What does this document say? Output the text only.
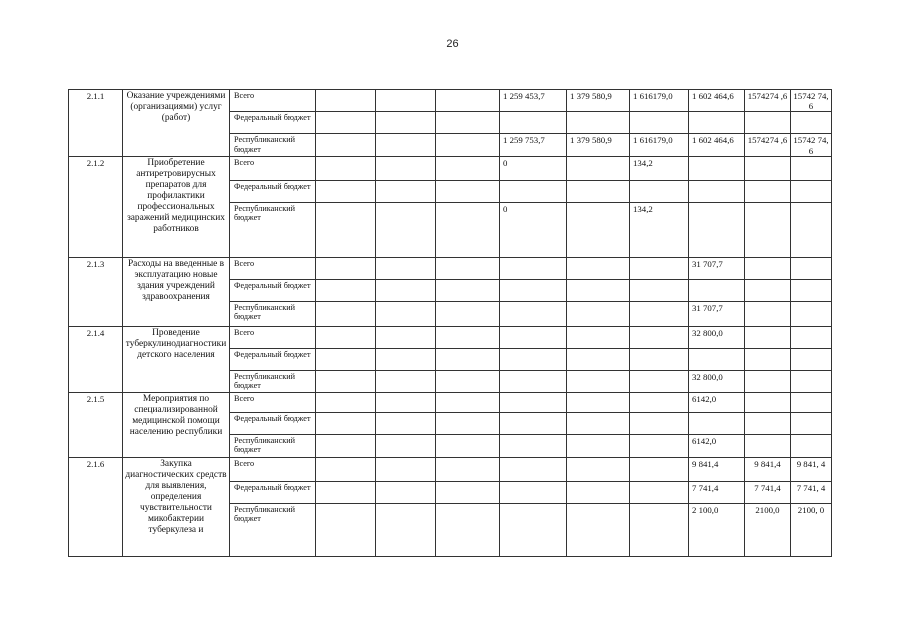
26
2.1.1	Оказание учреждениями (организациями) услуг (работ)	Всего				1 259 453,7	1 379 580,9	1 616179,0	1 602 464,6	1574274 ,6	15742 74,6
		Федеральный бюджет									
		Республиканский бюджет				1 259 753,7	1 379 580,9	1 616179,0	1 602 464,6	1574274 ,6	15742 74,6
2.1.2	Приобретение антиретровирусных препаратов для профилактики профессиональных заражений медицинских работников	Всего				0		134,2			
		Федеральный бюджет									
		Республиканский бюджет				0		134,2			
2.1.3	Расходы на введенные в эксплуатацию новые здания учреждений здравоохранения	Всего							31 707,7		
		Федеральный бюджет									
		Республиканский бюджет							31 707,7		
2.1.4	Проведение туберкулинодиагностики детского населения	Всего							32 800,0		
		Федеральный бюджет									
		Республиканский бюджет							32 800,0		
2.1.5	Мероприятия по специализированной медицинской помощи населению республики	Всего							6142,0		
		Федеральный бюджет									
		Республиканский бюджет							6142,0		
2.1.6	Закупка диагностических средств для выявления, определения чувствительности микобактерии туберкулеза и	Всего							9 841,4	9 841,4	9 841, 4
		Федеральный бюджет							7 741,4	7 741,4	7 741, 4
		Республиканский бюджет							2 100,0	2100,0	2100, 0
